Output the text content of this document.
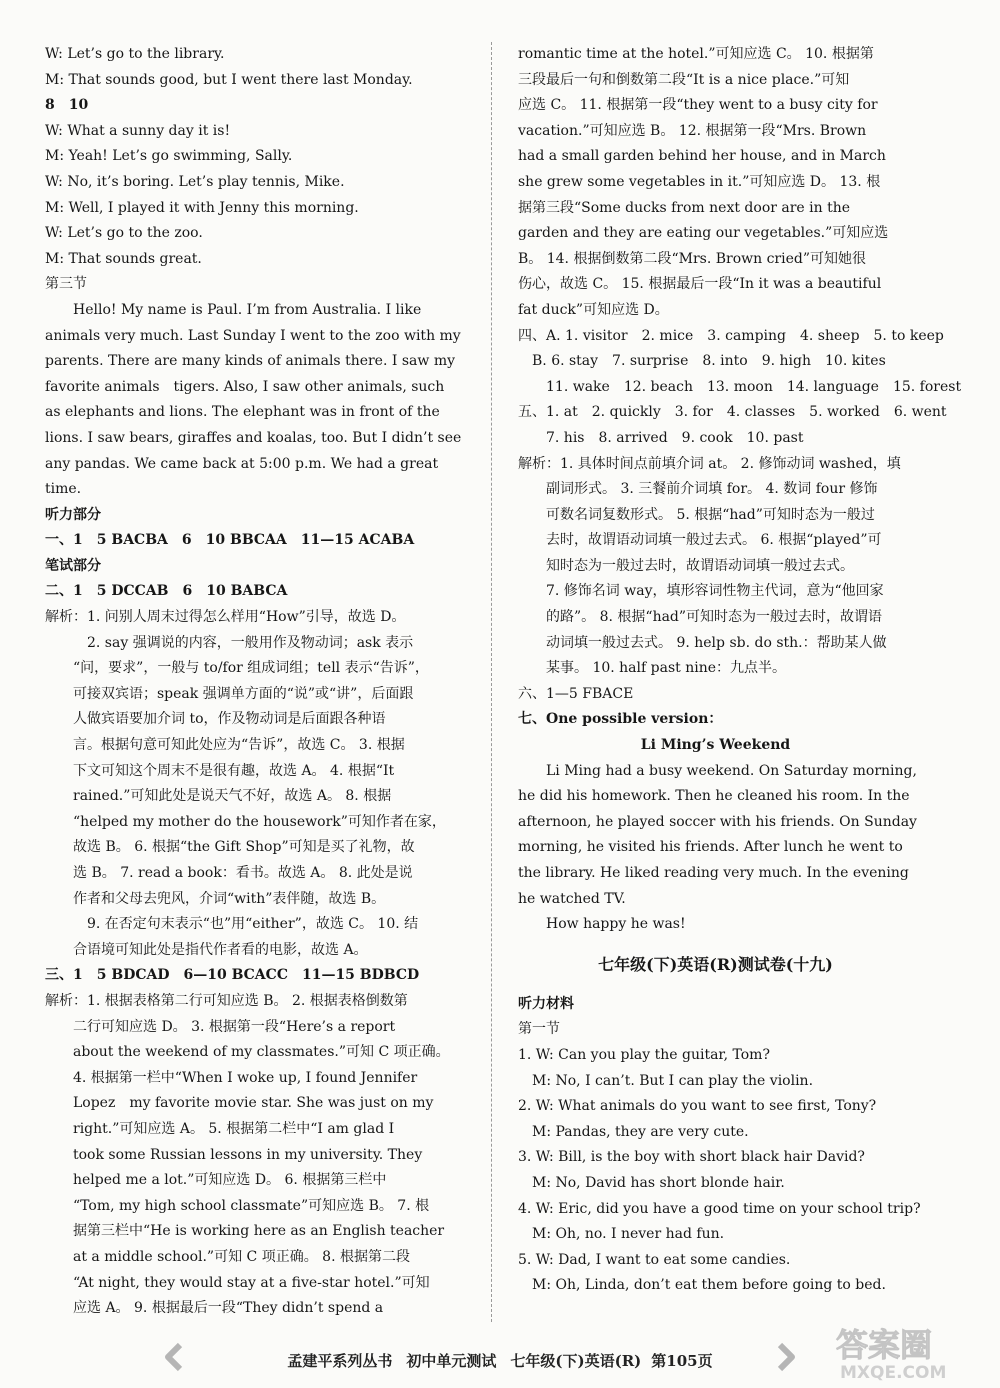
W: Let’s go to the library.
M: That sounds good, but I went there last Monday.
8　10
W: What a sunny day it is!
M: Yeah! Let’s go swimming, Sally.
W: No, it’s boring. Let’s play tennis, Mike.
M: Well, I played it with Jenny this morning.
W: Let’s go to the zoo.
M: That sounds great.
第三节
　　Hello! My name is Paul. I’m from Australia. I like
animals very much. Last Sunday I went to the zoo with my
parents. There are many kinds of animals there. I saw my
favorite animals　tigers. Also, I saw other animals, such
as elephants and lions. The elephant was in front of the
lions. I saw bears, giraffes and koalas, too. But I didn’t see
any pandas. We came back at 5:00 p.m. We had a great
time.
听力部分
一、1　5 BACBA　6　10 BBCAA　11—15 ACABA
笔试部分
二、1　5 DCCAB　6　10 BABCA
解析：1. 问别人周末过得怎么样用“How”引导，故选 D。
　　　2. say 强调说的内容，一般用作及物动词；ask 表示
　　“问，要求”，一般与 to/for 组成词组；tell 表示“告诉”，
　　可接双宾语；speak 强调单方面的“说”或“讲”，后面跟
　　人做宾语要加介词 to，作及物动词是后面跟各种语
　　言。根据句意可知此处应为“告诉”，故选 C。 3. 根据
　　下文可知这个周末不是很有趣，故选 A。 4. 根据“It
　　rained.”可知此处是说天气不好，故选 A。 8. 根据
　　“helped my mother do the housework”可知作者在家，
　　故选 B。 6. 根据“the Gift Shop”可知是买了礼物，故
　　选 B。 7. read a book：看书。故选 A。 8. 此处是说
　　作者和父母去兜风，介词“with”表伴随，故选 B。
　　　9. 在否定句末表示“也”用“either”，故选 C。 10. 结
　　合语境可知此处是指代作者看的电影，故选 A。
三、1　5 BDCAD　6—10 BCACC　11—15 BDBCD
解析：1. 根据表格第二行可知应选 B。 2. 根据表格倒数第
　　二行可知应选 D。 3. 根据第一段“Here’s a report
　　about the weekend of my classmates.”可知 C 项正确。
　　4. 根据第一栏中“When I woke up, I found Jennifer
　　Lopez　my favorite movie star. She was just on my
　　right.”可知应选 A。 5. 根据第二栏中“I am glad I
　　took some Russian lessons in my university. They
　　helped me a lot.”可知应选 D。 6. 根据第三栏中
　　“Tom, my high school classmate”可知应选 B。 7. 根
　　据第三栏中“He is working here as an English teacher
　　at a middle school.”可知 C 项正确。 8. 根据第二段
　　“At night, they would stay at a five-star hotel.”可知
　　应选 A。 9. 根据最后一段“They didn’t spend a
romantic time at the hotel.”可知应选 C。 10. 根据第
三段最后一句和倒数第二段“It is a nice place.”可知
应选 C。 11. 根据第一段“they went to a busy city for
vacation.”可知应选 B。 12. 根据第一段“Mrs. Brown
had a small garden behind her house, and in March
she grew some vegetables in it.”可知应选 D。 13. 根
据第三段“Some ducks from next door are in the
garden and they are eating our vegetables.”可知应选
B。 14. 根据倒数第二段“Mrs. Brown cried”可知她很
伤心，故选 C。 15. 根据最后一段“In it was a beautiful
fat duck”可知应选 D。
四、A. 1. visitor　2. mice　3. camping　4. sheep　5. to keep
　B. 6. stay　7. surprise　8. into　9. high　10. kites
　　11. wake　12. beach　13. moon　14. language　15. forest
五、1. at　2. quickly　3. for　4. classes　5. worked　6. went
　　7. his　8. arrived　9. cook　10. past
解析：1. 具体时间点前填介词 at。 2. 修饰动词 washed，填
　　副词形式。 3. 三餐前介词填 for。 4. 数词 four 修饰
　　可数名词复数形式。 5. 根据“had”可知时态为一般过
　　去时，故谓语动词填一般过去式。 6. 根据“played”可
　　知时态为一般过去时，故谓语动词填一般过去式。
　　7. 修饰名词 way，填形容词性物主代词，意为“他回家
　　的路”。 8. 根据“had”可知时态为一般过去时，故谓语
　　动词填一般过去式。 9. help sb. do sth.：帮助某人做
　　某事。 10. half past nine：九点半。
六、1—5 FBACE
七、One possible version：
Li Ming’s Weekend
　　Li Ming had a busy weekend. On Saturday morning,
he did his homework. Then he cleaned his room. In the
afternoon, he played soccer with his friends. On Sunday
morning, he visited his friends. After lunch he went to
the library. He liked reading very much. In the evening
he watched TV.
　　How happy he was!
七年级(下)英语(R)测试卷(十九)
听力材料
第一节
1. W: Can you play the guitar, Tom?
　M: No, I can’t. But I can play the violin.
2. W: What animals do you want to see first, Tony?
　M: Pandas, they are very cute.
3. W: Bill, is the boy with short black hair David?
　M: No, David has short blonde hair.
4. W: Eric, did you have a good time on your school trip?
　M: Oh, no. I never had fun.
5. W: Dad, I want to eat some candies.
　M: Oh, Linda, don’t eat them before going to bed.
孟建平系列丛书 初中单元测试 七年级(下)英语(R) 第105页	答案圈
MXQE.COM
